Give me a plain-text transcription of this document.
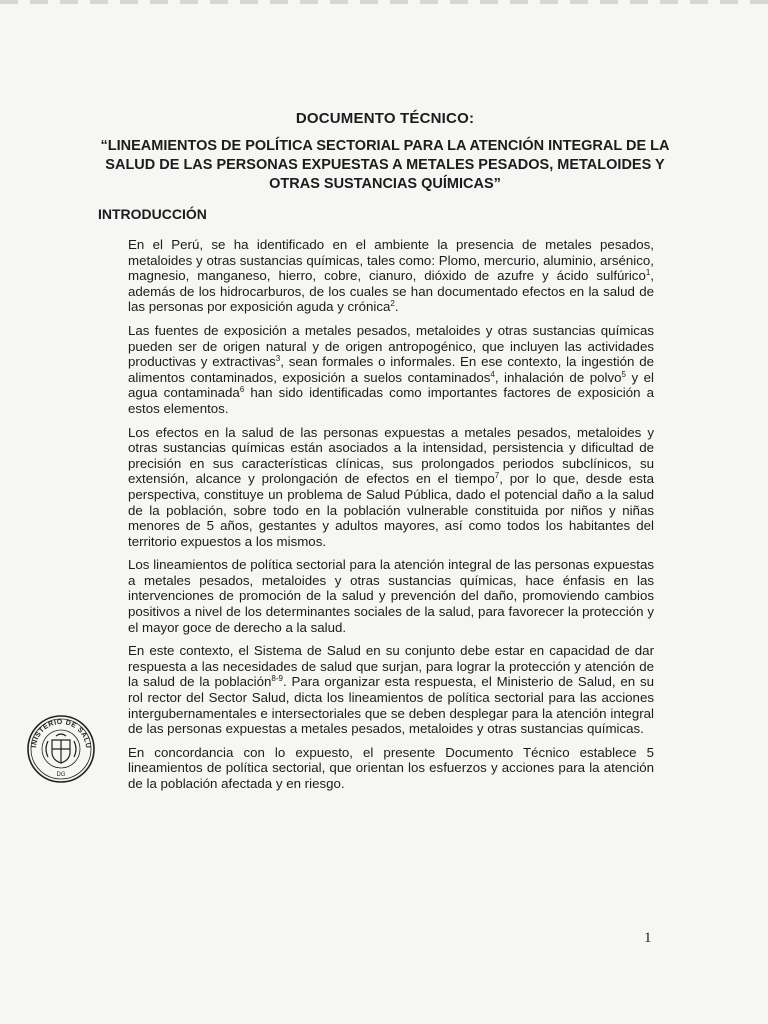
DOCUMENTO TÉCNICO:

“LINEAMIENTOS DE POLÍTICA SECTORIAL PARA LA ATENCIÓN INTEGRAL DE LA SALUD DE LAS PERSONAS EXPUESTAS A METALES PESADOS, METALOIDES Y OTRAS SUSTANCIAS QUÍMICAS”

INTRODUCCIÓN

En el Perú, se ha identificado en el ambiente la presencia de metales pesados, metaloides y otras sustancias químicas, tales como: Plomo, mercurio, aluminio, arsénico, magnesio, manganeso, hierro, cobre, cianuro, dióxido de azufre y ácido sulfúrico$^1$, además de los hidrocarburos, de los cuales se han documentado efectos en la salud de las personas por exposición aguda y crónica$^2$.

Las fuentes de exposición a metales pesados, metaloides y otras sustancias químicas pueden ser de origen natural y de origen antropogénico, que incluyen las actividades productivas y extractivas$^3$, sean formales o informales. En ese contexto, la ingestión de alimentos contaminados, exposición a suelos contaminados$^4$, inhalación de polvo$^5$ y el agua contaminada$^6$ han sido identificadas como importantes factores de exposición a estos elementos.

Los efectos en la salud de las personas expuestas a metales pesados, metaloides y otras sustancias químicas están asociados a la intensidad, persistencia y dificultad de precisión en sus características clínicas, sus prolongados periodos subclínicos, su extensión, alcance y prolongación de efectos en el tiempo$^7$, por lo que, desde esta perspectiva, constituye un problema de Salud Pública, dado el potencial daño a la salud de la población, sobre todo en la población vulnerable constituida por niños y niñas menores de 5 años, gestantes y adultos mayores, así como todos los habitantes del territorio expuestos a los mismos.

Los lineamientos de política sectorial para la atención integral de las personas expuestas a metales pesados, metaloides y otras sustancias químicas, hace énfasis en las intervenciones de promoción de la salud y prevención del daño, promoviendo cambios positivos a nivel de los determinantes sociales de la salud, para favorecer la protección y el mayor goce de derecho a la salud.

En este contexto, el Sistema de Salud en su conjunto debe estar en capacidad de dar respuesta a las necesidades de salud que surjan, para lograr la protección y atención de la salud de la población$^{8-9}$. Para organizar esta respuesta, el Ministerio de Salud, en su rol rector del Sector Salud, dicta los lineamientos de política sectorial para las acciones intergubernamentales e intersectoriales que se deben desplegar para la atención integral de las personas expuestas a metales pesados, metaloides y otras sustancias químicas.

En concordancia con lo expuesto, el presente Documento Técnico establece 5 lineamientos de política sectorial, que orientan los esfuerzos y acciones para la atención de la población afectada y en riesgo.

INISTERIO DE SALU
DG
1
